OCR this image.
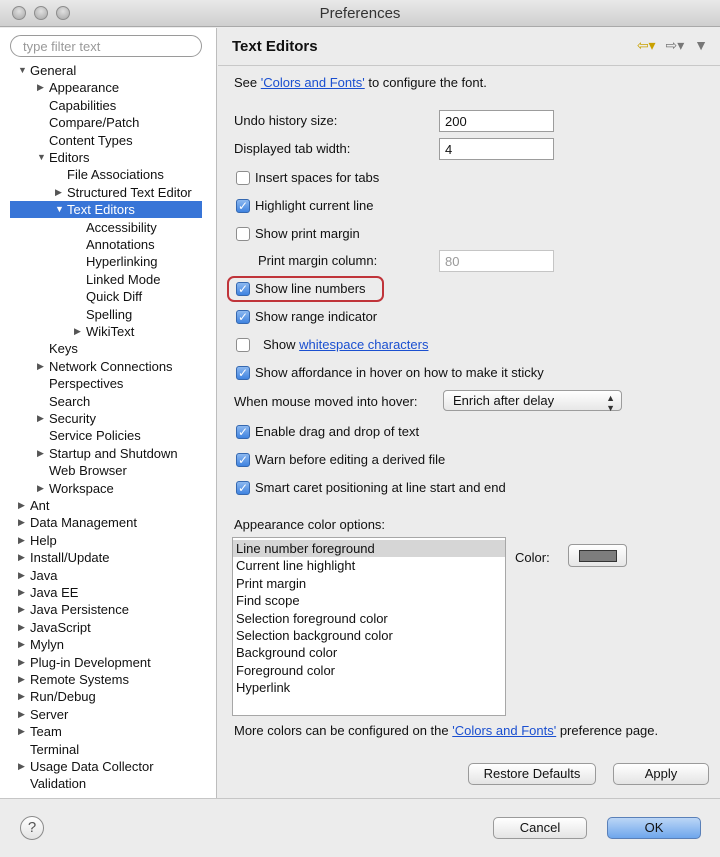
Preferences
type filter text
▼ General
▶ Appearance
Capabilities
Compare/Patch
Content Types
▼ Editors
File Associations
▶ Structured Text Editor
▼ Text Editors
Accessibility
Annotations
Hyperlinking
Linked Mode
Quick Diff
Spelling
▶ WikiText
Keys
▶ Network Connections
Perspectives
Search
▶ Security
Service Policies
▶ Startup and Shutdown
Web Browser
▶ Workspace
▶ Ant
▶ Data Management
▶ Help
▶ Install/Update
▶ Java
▶ Java EE
▶ Java Persistence
▶ JavaScript
▶ Mylyn
▶ Plug-in Development
▶ Remote Systems
▶ Run/Debug
▶ Server
▶ Team
Terminal
▶ Usage Data Collector
Validation
Text Editors	⇦▾ ⇨▾ ▼
See 'Colors and Fonts' to configure the font.
Undo history size:	200
Displayed tab width:	4
Insert spaces for tabs
✓ Highlight current line
Show print margin
Print margin column:	80
✓ Show line numbers
✓ Show range indicator
Show whitespace characters
✓ Show affordance in hover on how to make it sticky
When mouse moved into hover:	Enrich after delay	▲
▼
✓ Enable drag and drop of text
✓ Warn before editing a derived file
✓ Smart caret positioning at line start and end
Appearance color options:
Line number foreground
Current line highlight
Print margin
Find scope
Selection foreground color
Selection background color
Background color
Foreground color
Hyperlink
Color:
More colors can be configured on the 'Colors and Fonts' preference page.
Restore Defaults	Apply
?	Cancel	OK
